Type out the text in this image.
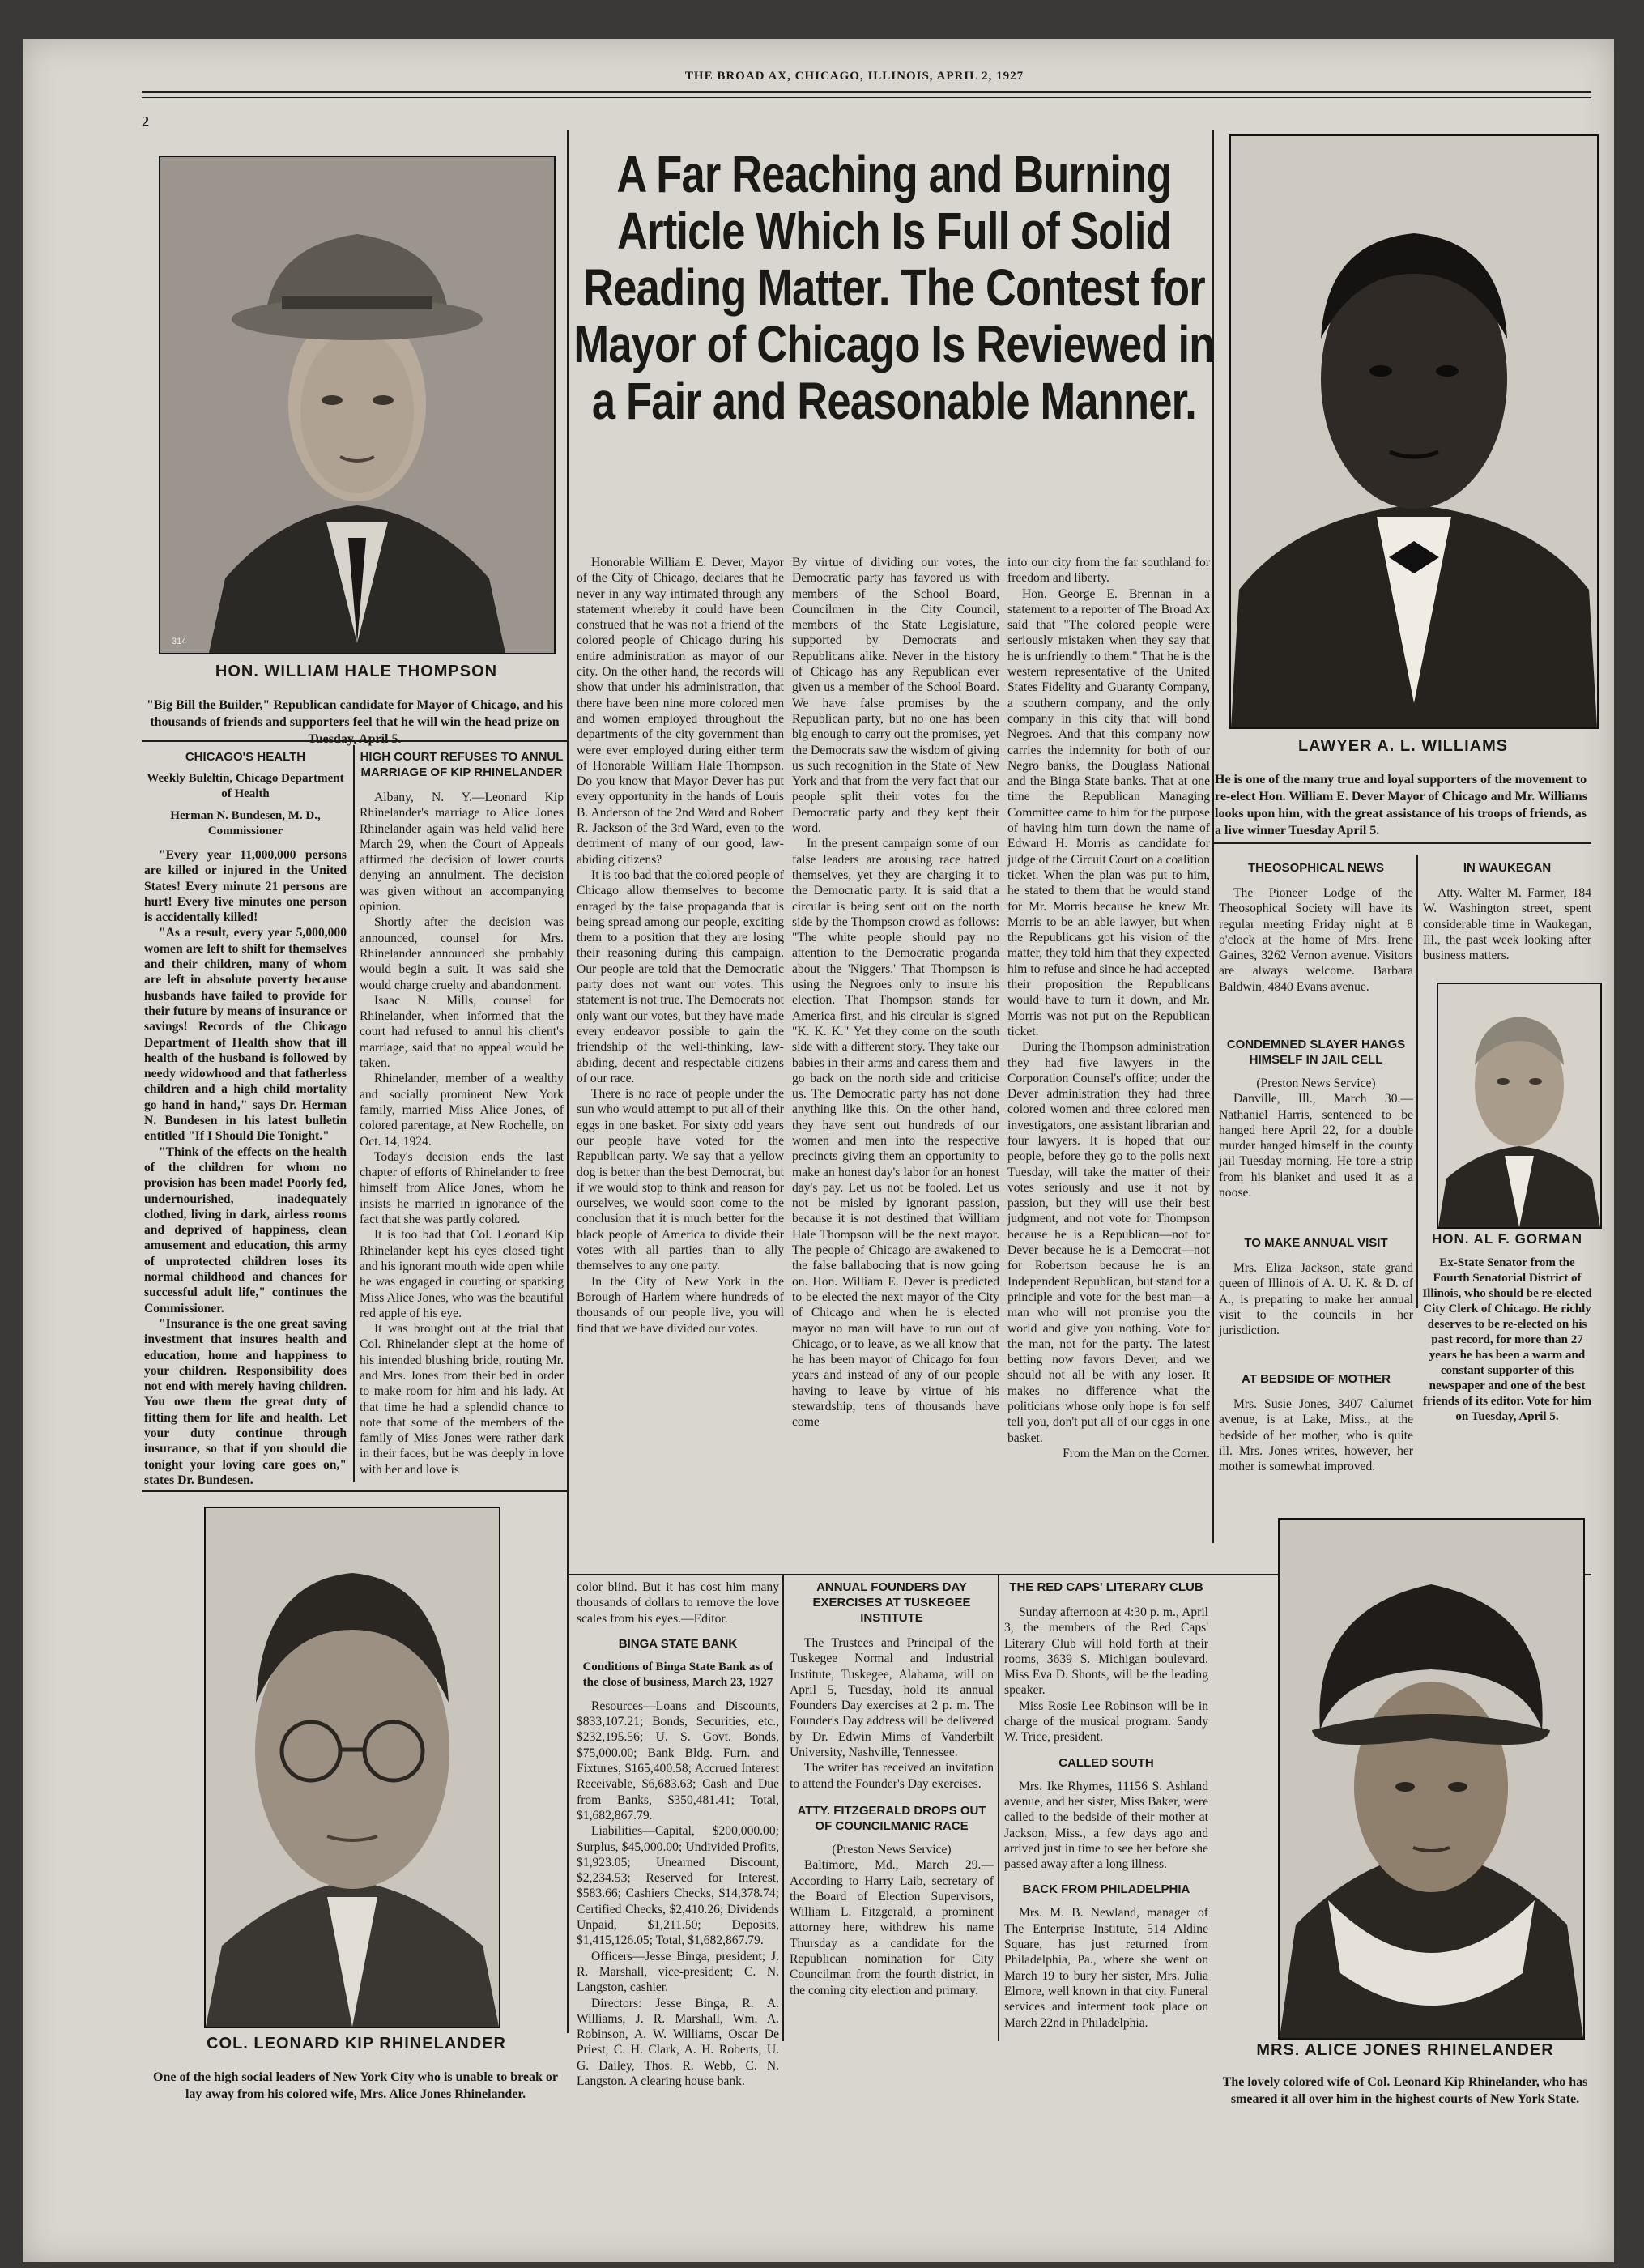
THE BROAD AX, CHICAGO, ILLINOIS, APRIL 2, 1927
2
314
HON. WILLIAM HALE THOMPSON
"Big Bill the Builder," Republican candidate for Mayor of Chicago, and his thousands of friends and supporters feel that he will win the head prize on Tuesday, April 5.
CHICAGO'S HEALTH
Weekly Buleltin, Chicago Department of Health
Herman N. Bundesen, M. D., Commissioner

"Every year 11,000,000 persons are killed or injured in the United States! Every minute 21 persons are hurt! Every five minutes one person is accidentally killed!

"As a result, every year 5,000,000 women are left to shift for themselves and their children, many of whom are left in absolute poverty because husbands have failed to provide for their future by means of insurance or savings! Records of the Chicago Department of Health show that ill health of the husband is followed by needy widowhood and that fatherless children and a high child mortality go hand in hand," says Dr. Herman N. Bundesen in his latest bulletin entitled "If I Should Die Tonight."

"Think of the effects on the health of the children for whom no provision has been made! Poorly fed, undernourished, inadequately clothed, living in dark, airless rooms and deprived of happiness, clean amusement and education, this army of unprotected children loses its normal childhood and chances for successful adult life," continues the Commissioner.

"Insurance is the one great saving investment that insures health and education, home and happiness to your children. Responsibility does not end with merely having children. You owe them the great duty of fitting them for life and health. Let your duty continue through insurance, so that if you should die tonight your loving care goes on," states Dr. Bundesen.

HIGH COURT REFUSES TO ANNUL MARRIAGE OF KIP RHINELANDER

Albany, N. Y.—Leonard Kip Rhinelander's marriage to Alice Jones Rhinelander again was held valid here March 29, when the Court of Appeals affirmed the decision of lower courts denying an annulment. The decision was given without an accompanying opinion.

Shortly after the decision was announced, counsel for Mrs. Rhinelander announced she probably would begin a suit. It was said she would charge cruelty and abandonment.

Isaac N. Mills, counsel for Rhinelander, when informed that the court had refused to annul his client's marriage, said that no appeal would be taken.

Rhinelander, member of a wealthy and socially prominent New York family, married Miss Alice Jones, of colored parentage, at New Rochelle, on Oct. 14, 1924.

Today's decision ends the last chapter of efforts of Rhinelander to free himself from Alice Jones, whom he insists he married in ignorance of the fact that she was partly colored.

It is too bad that Col. Leonard Kip Rhinelander kept his eyes closed tight and his ignorant mouth wide open while he was engaged in courting or sparking Miss Alice Jones, who was the beautiful red apple of his eye.

It was brought out at the trial that Col. Rhinelander slept at the home of his intended blushing bride, routing Mr. and Mrs. Jones from their bed in order to make room for him and his lady. At that time he had a splendid chance to note that some of the members of the family of Miss Jones were rather dark in their faces, but he was deeply in love with her and love is

COL. LEONARD KIP RHINELANDER
One of the high social leaders of New York City who is unable to break or lay away from his colored wife, Mrs. Alice Jones Rhinelander.
A Far Reaching and Burning Article Which Is Full of Solid Reading Matter. The Contest for Mayor of Chicago Is Reviewed in a Fair and Reasonable Manner.

Honorable William E. Dever, Mayor of the City of Chicago, declares that he never in any way intimated through any statement whereby it could have been construed that he was not a friend of the colored people of Chicago during his entire administration as mayor of our city. On the other hand, the records will show that under his administration, that there have been nine more colored men and women employed throughout the departments of the city government than were ever employed during either term of Honorable William Hale Thompson. Do you know that Mayor Dever has put every opportunity in the hands of Louis B. Anderson of the 2nd Ward and Robert R. Jackson of the 3rd Ward, even to the detriment of many of our good, law-abiding citizens?

It is too bad that the colored people of Chicago allow themselves to become enraged by the false propaganda that is being spread among our people, exciting them to a position that they are losing their reasoning during this campaign. Our people are told that the Democratic party does not want our votes. This statement is not true. The Democrats not only want our votes, but they have made every endeavor possible to gain the friendship of the well-thinking, law-abiding, decent and respectable citizens of our race.

There is no race of people under the sun who would attempt to put all of their eggs in one basket. For sixty odd years our people have voted for the Republican party. We say that a yellow dog is better than the best Democrat, but if we would stop to think and reason for ourselves, we would soon come to the conclusion that it is much better for the black people of America to divide their votes with all parties than to ally themselves to any one party.

In the City of New York in the Borough of Harlem where hundreds of thousands of our people live, you will find that we have divided our votes.

By virtue of dividing our votes, the Democratic party has favored us with members of the School Board, Councilmen in the City Council, members of the State Legislature, supported by Democrats and Republicans alike. Never in the history of Chicago has any Republican ever given us a member of the School Board. We have false promises by the Republican party, but no one has been big enough to carry out the promises, yet the Democrats saw the wisdom of giving us such recognition in the State of New York and that from the very fact that our people split their votes for the Democratic party and they kept their word.

In the present campaign some of our false leaders are arousing race hatred themselves, yet they are charging it to the Democratic party. It is said that a circular is being sent out on the north side by the Thompson crowd as follows: "The white people should pay no attention to the Democratic proganda about the 'Niggers.' That Thompson is using the Negroes only to insure his election. That Thompson stands for America first, and his circular is signed "K. K. K." Yet they come on the south side with a different story. They take our babies in their arms and caress them and go back on the north side and criticise us. The Democratic party has not done anything like this. On the other hand, they have sent out hundreds of our women and men into the respective precincts giving them an opportunity to make an honest day's labor for an honest day's pay. Let us not be fooled. Let us not be misled by ignorant passion, because it is not destined that William Hale Thompson will be the next mayor. The people of Chicago are awakened to the false ballabooing that is now going on. Hon. William E. Dever is predicted to be elected the next mayor of the City of Chicago and when he is elected mayor no man will have to run out of Chicago, or to leave, as we all know that he has been mayor of Chicago for four years and instead of any of our people having to leave by virtue of his stewardship, tens of thousands have come

into our city from the far southland for freedom and liberty.

Hon. George E. Brennan in a statement to a reporter of The Broad Ax said that "The colored people were seriously mistaken when they say that he is unfriendly to them." That he is the western representative of the United States Fidelity and Guaranty Company, a southern company, and the only company in this city that will bond Negroes. And that this company now carries the indemnity for both of our Negro banks, the Douglass National and the Binga State banks. That at one time the Republican Managing Committee came to him for the purpose of having him turn down the name of Edward H. Morris as candidate for judge of the Circuit Court on a coalition ticket. When the plan was put to him, he stated to them that he would stand for Mr. Morris because he knew Mr. Morris to be an able lawyer, but when the Republicans got his vision of the matter, they told him that they expected him to refuse and since he had accepted their proposition the Republicans would have to turn it down, and Mr. Morris was not put on the Republican ticket.

During the Thompson administration they had five lawyers in the Corporation Counsel's office; under the Dever administration they had three colored women and three colored men investigators, one assistant librarian and four lawyers. It is hoped that our people, before they go to the polls next Tuesday, will take the matter of their votes seriously and use it not by passion, but they will use their best judgment, and not vote for Thompson because he is a Republican—not for Dever because he is a Democrat—not for Robertson because he is an Independent Republican, but stand for a principle and vote for the best man—a man who will not promise you the world and give you nothing. Vote for the man, not for the party. The latest betting now favors Dever, and we should not all be with any loser. It makes no difference what the politicians whose only hope is for self tell you, don't put all of our eggs in one basket.

From the Man on the Corner.

LAWYER A. L. WILLIAMS
He is one of the many true and loyal supporters of the movement to re-elect Hon. William E. Dever Mayor of Chicago and Mr. Williams looks upon him, with the great assistance of his troops of friends, as a live winner Tuesday April 5.
THEOSOPHICAL NEWS

The Pioneer Lodge of the Theosophical Society will have its regular meeting Friday night at 8 o'clock at the home of Mrs. Irene Gaines, 3262 Vernon avenue. Visitors are always welcome. Barbara Baldwin, 4840 Evans avenue.

IN WAUKEGAN

Atty. Walter M. Farmer, 184 W. Washington street, spent considerable time in Waukegan, Ill., the past week looking after business matters.

CONDEMNED SLAYER HANGS HIMSELF IN JAIL CELL

(Preston News Service)

Danville, Ill., March 30.—Nathaniel Harris, sentenced to be hanged here April 22, for a double murder hanged himself in the county jail Tuesday morning. He tore a strip from his blanket and used it as a noose.

TO MAKE ANNUAL VISIT

Mrs. Eliza Jackson, state grand queen of Illinois of A. U. K. & D. of A., is preparing to make her annual visit to the councils in her jurisdiction.

AT BEDSIDE OF MOTHER

Mrs. Susie Jones, 3407 Calumet avenue, is at Lake, Miss., at the bedside of her mother, who is quite ill. Mrs. Jones writes, however, her mother is somewhat improved.

HON. AL F. GORMAN
Ex-State Senator from the Fourth Senatorial District of Illinois, who should be re-elected City Clerk of Chicago. He richly deserves to be re-elected on his past record, for more than 27 years he has been a warm and constant supporter of this newspaper and one of the best friends of its editor. Vote for him on Tuesday, April 5.

color blind. But it has cost him many thousands of dollars to remove the love scales from his eyes.—Editor.

BINGA STATE BANK
Conditions of Binga State Bank as of the close of business, March 23, 1927

Resources—Loans and Discounts, $833,107.21; Bonds, Securities, etc., $232,195.56; U. S. Govt. Bonds, $75,000.00; Bank Bldg. Furn. and Fixtures, $165,400.58; Accrued Interest Receivable, $6,683.63; Cash and Due from Banks, $350,481.41; Total, $1,682,867.79.

Liabilities—Capital, $200,000.00; Surplus, $45,000.00; Undivided Profits, $1,923.05; Unearned Discount, $2,234.53; Reserved for Interest, $583.66; Cashiers Checks, $14,378.74; Certified Checks, $2,410.26; Dividends Unpaid, $1,211.50; Deposits, $1,415,126.05; Total, $1,682,867.79.

Officers—Jesse Binga, president; J. R. Marshall, vice-president; C. N. Langston, cashier.

Directors: Jesse Binga, R. A. Williams, J. R. Marshall, Wm. A. Robinson, A. W. Williams, Oscar De Priest, C. H. Clark, A. H. Roberts, U. G. Dailey, Thos. R. Webb, C. N. Langston. A clearing house bank.

ANNUAL FOUNDERS DAY EXERCISES AT TUSKEGEE INSTITUTE

The Trustees and Principal of the Tuskegee Normal and Industrial Institute, Tuskegee, Alabama, will on April 5, Tuesday, hold its annual Founders Day exercises at 2 p. m. The Founder's Day address will be delivered by Dr. Edwin Mims of Vanderbilt University, Nashville, Tennessee.

The writer has received an invitation to attend the Founder's Day exercises.

ATTY. FITZGERALD DROPS OUT OF COUNCILMANIC RACE

(Preston News Service)

Baltimore, Md., March 29.—According to Harry Laib, secretary of the Board of Election Supervisors, William L. Fitzgerald, a prominent attorney here, withdrew his name Thursday as a candidate for the Republican nomination for City Councilman from the fourth district, in the coming city election and primary.

THE RED CAPS' LITERARY CLUB

Sunday afternoon at 4:30 p. m., April 3, the members of the Red Caps' Literary Club will hold forth at their rooms, 3639 S. Michigan boulevard. Miss Eva D. Shonts, will be the leading speaker.

Miss Rosie Lee Robinson will be in charge of the musical program. Sandy W. Trice, president.

CALLED SOUTH

Mrs. Ike Rhymes, 11156 S. Ashland avenue, and her sister, Miss Baker, were called to the bedside of their mother at Jackson, Miss., a few days ago and arrived just in time to see her before she passed away after a long illness.

BACK FROM PHILADELPHIA

Mrs. M. B. Newland, manager of The Enterprise Institute, 514 Aldine Square, has just returned from Philadelphia, Pa., where she went on March 19 to bury her sister, Mrs. Julia Elmore, well known in that city. Funeral services and interment took place on March 22nd in Philadelphia.

MRS. ALICE JONES RHINELANDER
The lovely colored wife of Col. Leonard Kip Rhinelander, who has smeared it all over him in the highest courts of New York State.
